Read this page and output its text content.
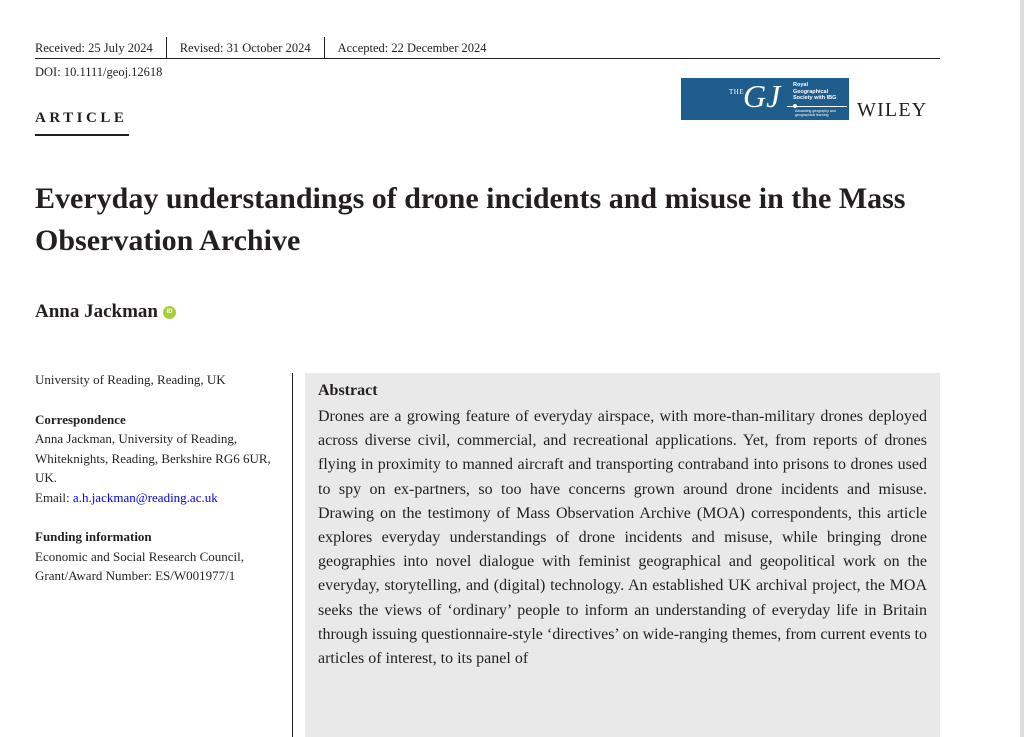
Received: 25 July 2024 Revised: 31 October 2024 Accepted: 22 December 2024
DOI: 10.1111/geoj.12618
ARTICLE
THE
GJ Royal Geographical Society with IBG
Advancing geography and geographical learning	WILEY
Everyday understandings of drone incidents and misuse in the Mass Observation Archive
Anna Jackman	iD
University of Reading, Reading, UK
Correspondence
Anna Jackman, University of Reading, Whiteknights, Reading, Berkshire RG6 6UR, UK.
Email: a.h.jackman@reading.ac.uk
Funding information
Economic and Social Research Council, Grant/Award Number: ES/W001977/1
Abstract
Drones are a growing feature of everyday airspace, with more-than-military drones deployed across diverse civil, commercial, and recreational applications. Yet, from reports of drones flying in proximity to manned aircraft and transporting contraband into prisons to drones used to spy on ex-partners, so too have concerns grown around drone incidents and misuse. Drawing on the testimony of Mass Observation Archive (MOA) correspondents, this article explores everyday understandings of drone incidents and misuse, while bringing drone geographies into novel dialogue with feminist geographical and geopolitical work on the everyday, storytelling, and (digital) technology. An established UK archival project, the MOA seeks the views of ‘ordinary’ people to inform an understanding of everyday life in Britain through issuing questionnaire-style ‘directives’ on wide-ranging themes, from current events to articles of interest, to its panel of
